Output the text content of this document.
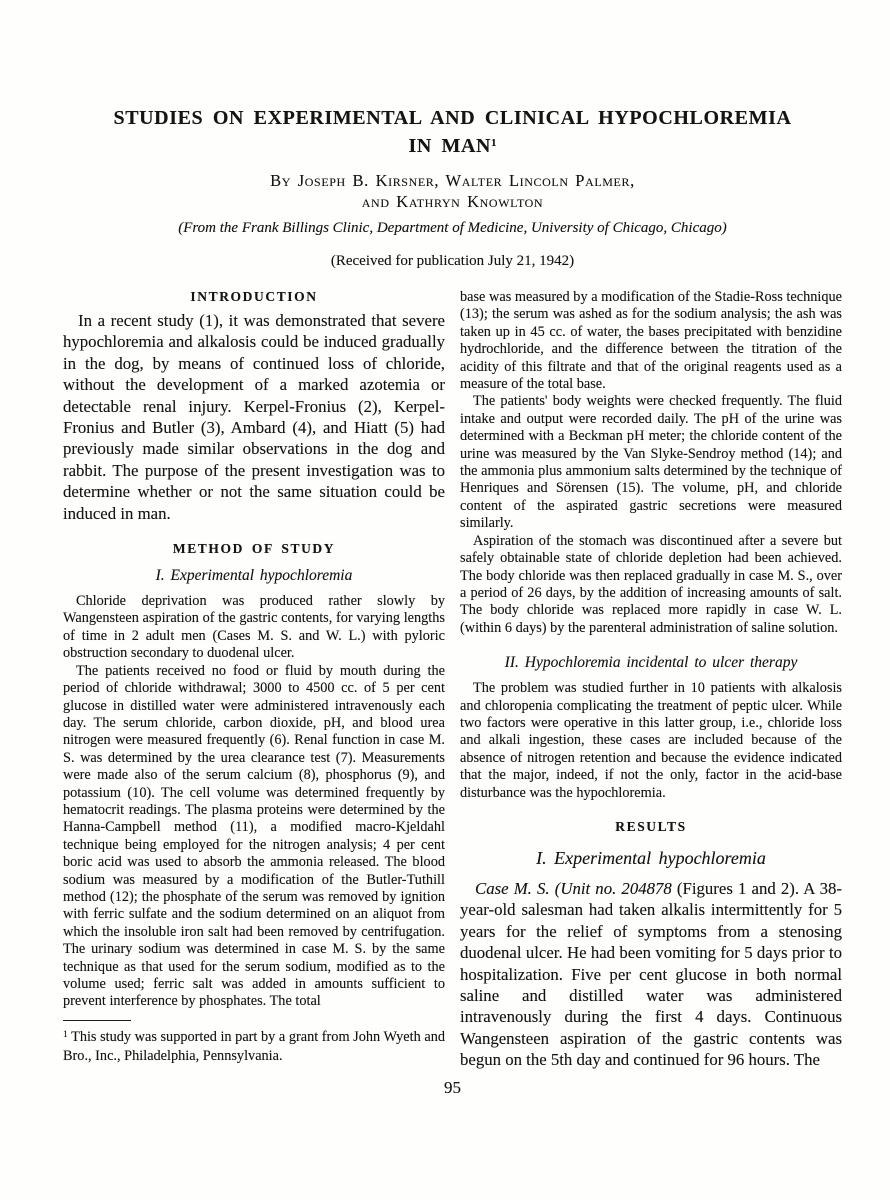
STUDIES ON EXPERIMENTAL AND CLINICAL HYPOCHLOREMIA
IN MAN$^1$
By Joseph B. Kirsner, Walter Lincoln Palmer,
and Kathryn Knowlton
(From the Frank Billings Clinic, Department of Medicine, University of Chicago, Chicago)
(Received for publication July 21, 1942)

INTRODUCTION

In a recent study (1), it was demonstrated that severe hypochloremia and alkalosis could be induced gradually in the dog, by means of continued loss of chloride, without the development of a marked azotemia or detectable renal injury. Kerpel-Fronius (2), Kerpel-Fronius and Butler (3), Ambard (4), and Hiatt (5) had previously made similar observations in the dog and rabbit. The purpose of the present investigation was to determine whether or not the same situation could be induced in man.

METHOD OF STUDY

I. Experimental hypochloremia

Chloride deprivation was produced rather slowly by Wangensteen aspiration of the gastric contents, for varying lengths of time in 2 adult men (Cases M. S. and W. L.) with pyloric obstruction secondary to duodenal ulcer.

The patients received no food or fluid by mouth during the period of chloride withdrawal; 3000 to 4500 cc. of 5 per cent glucose in distilled water were administered intravenously each day. The serum chloride, carbon dioxide, pH, and blood urea nitrogen were measured frequently (6). Renal function in case M. S. was determined by the urea clearance test (7). Measurements were made also of the serum calcium (8), phosphorus (9), and potassium (10). The cell volume was determined frequently by hematocrit readings. The plasma proteins were determined by the Hanna-Campbell method (11), a modified macro-Kjeldahl technique being employed for the nitrogen analysis; 4 per cent boric acid was used to absorb the ammonia released. The blood sodium was measured by a modification of the Butler-Tuthill method (12); the phosphate of the serum was removed by ignition with ferric sulfate and the sodium determined on an aliquot from which the insoluble iron salt had been removed by centrifugation. The urinary sodium was determined in case M. S. by the same technique as that used for the serum sodium, modified as to the volume used; ferric salt was added in amounts sufficient to prevent interference by phosphates. The total

$^1$ This study was supported in part by a grant from John Wyeth and Bro., Inc., Philadelphia, Pennsylvania.

base was measured by a modification of the Stadie-Ross technique (13); the serum was ashed as for the sodium analysis; the ash was taken up in 45 cc. of water, the bases precipitated with benzidine hydrochloride, and the difference between the titration of the acidity of this filtrate and that of the original reagents used as a measure of the total base.

The patients' body weights were checked frequently. The fluid intake and output were recorded daily. The pH of the urine was determined with a Beckman pH meter; the chloride content of the urine was measured by the Van Slyke-Sendroy method (14); and the ammonia plus ammonium salts determined by the technique of Henriques and Sörensen (15). The volume, pH, and chloride content of the aspirated gastric secretions were measured similarly.

Aspiration of the stomach was discontinued after a severe but safely obtainable state of chloride depletion had been achieved. The body chloride was then replaced gradually in case M. S., over a period of 26 days, by the addition of increasing amounts of salt. The body chloride was replaced more rapidly in case W. L. (within 6 days) by the parenteral administration of saline solution.

II. Hypochloremia incidental to ulcer therapy

The problem was studied further in 10 patients with alkalosis and chloropenia complicating the treatment of peptic ulcer. While two factors were operative in this latter group, i.e., chloride loss and alkali ingestion, these cases are included because of the absence of nitrogen retention and because the evidence indicated that the major, indeed, if not the only, factor in the acid-base disturbance was the hypochloremia.

RESULTS

I. Experimental hypochloremia

Case M. S. (Unit no. 204878 (Figures 1 and 2). A 38-year-old salesman had taken alkalis intermittently for 5 years for the relief of symptoms from a stenosing duodenal ulcer. He had been vomiting for 5 days prior to hospitalization. Five per cent glucose in both normal saline and distilled water was administered intravenously during the first 4 days. Continuous Wangensteen aspiration of the gastric contents was begun on the 5th day and continued for 96 hours. The

95
